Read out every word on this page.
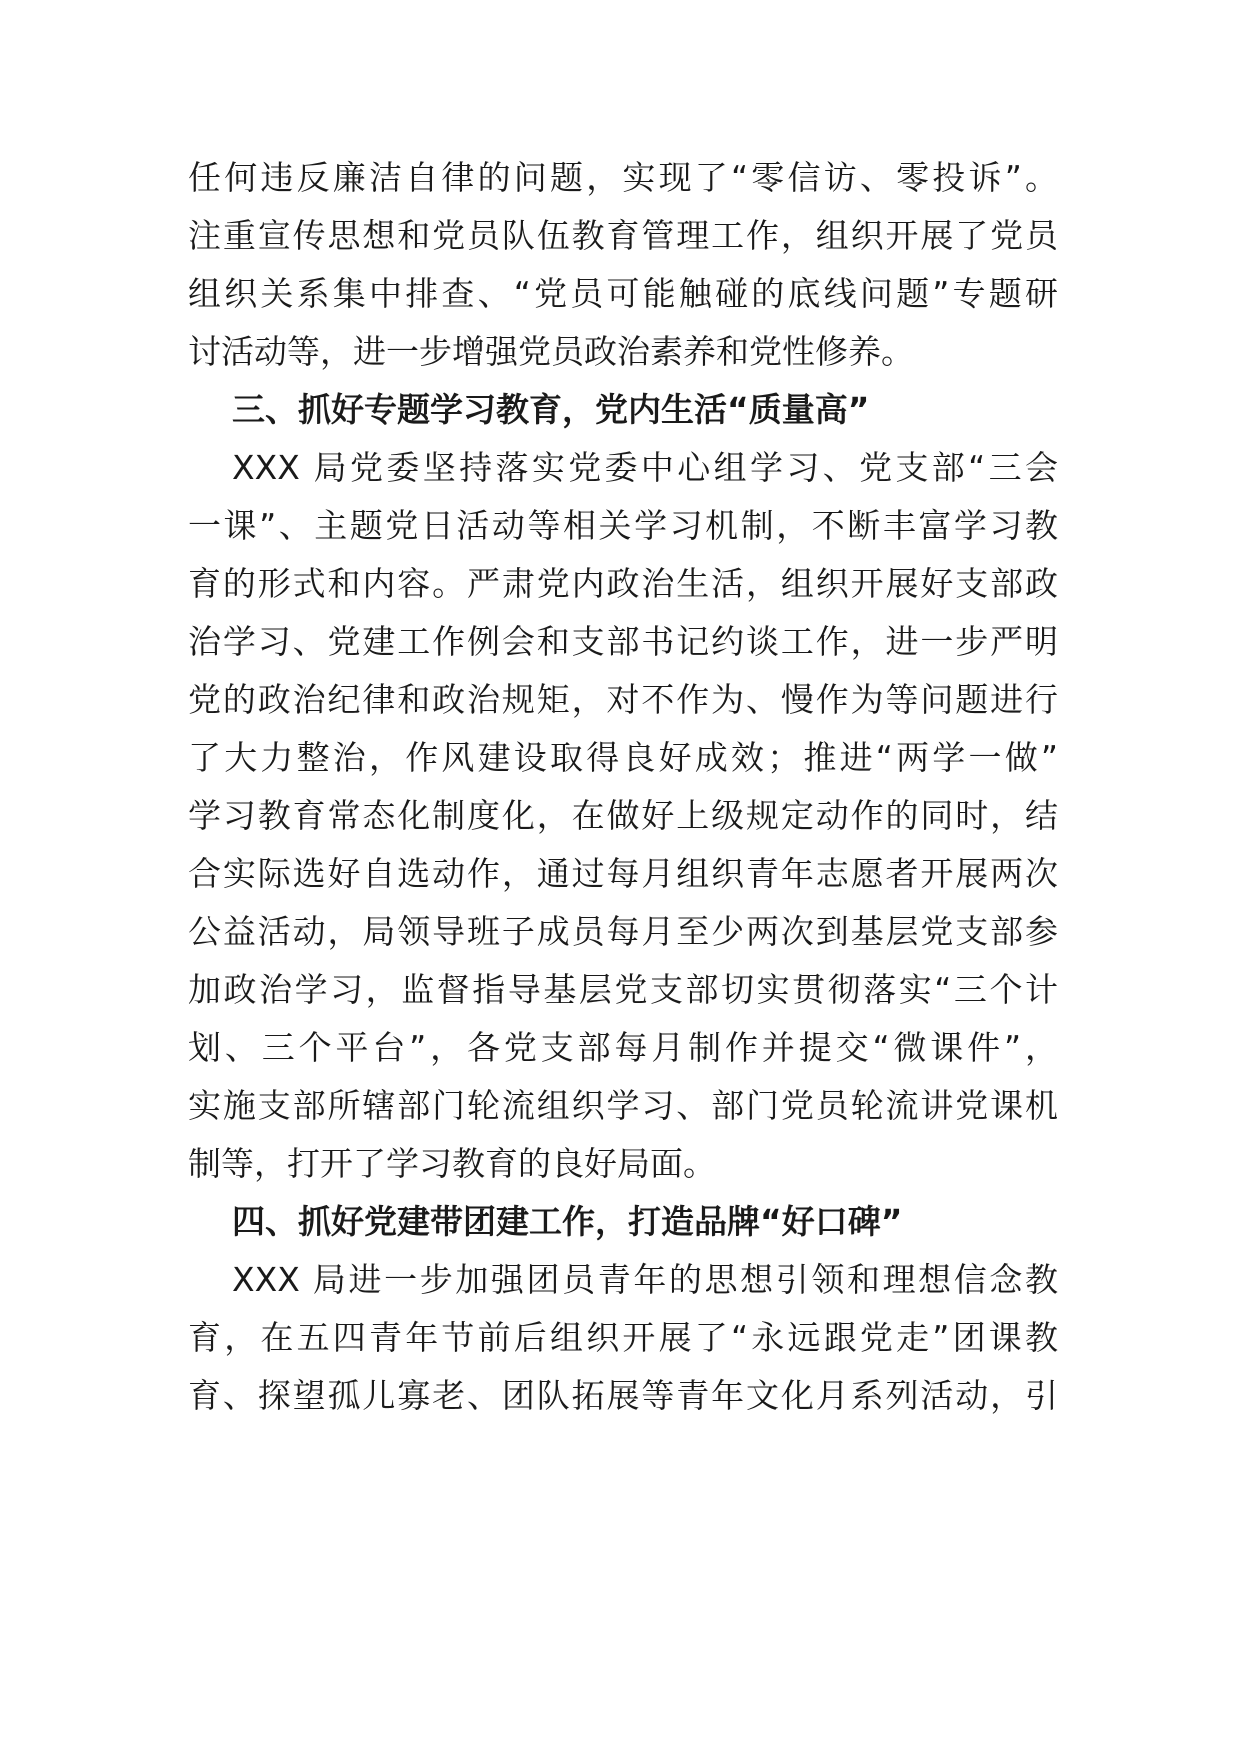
任何违反廉洁自律的问题，实现了“零信访、零投诉”。
注重宣传思想和党员队伍教育管理工作，组织开展了党员
组织关系集中排查、“党员可能触碰的底线问题”专题研
讨活动等，进一步增强党员政治素养和党性修养。
三、抓好专题学习教育，党内生活“质量高”
XXX 局党委坚持落实党委中心组学习、党支部“三会
一课”、主题党日活动等相关学习机制，不断丰富学习教
育的形式和内容。严肃党内政治生活，组织开展好支部政
治学习、党建工作例会和支部书记约谈工作，进一步严明
党的政治纪律和政治规矩，对不作为、慢作为等问题进行
了大力整治，作风建设取得良好成效；推进“两学一做”
学习教育常态化制度化，在做好上级规定动作的同时，结
合实际选好自选动作，通过每月组织青年志愿者开展两次
公益活动，局领导班子成员每月至少两次到基层党支部参
加政治学习，监督指导基层党支部切实贯彻落实“三个计
划、三个平台”，各党支部每月制作并提交“微课件”，
实施支部所辖部门轮流组织学习、部门党员轮流讲党课机
制等，打开了学习教育的良好局面。
四、抓好党建带团建工作，打造品牌“好口碑”
XXX 局进一步加强团员青年的思想引领和理想信念教
育，在五四青年节前后组织开展了“永远跟党走”团课教
育、探望孤儿寡老、团队拓展等青年文化月系列活动，引
